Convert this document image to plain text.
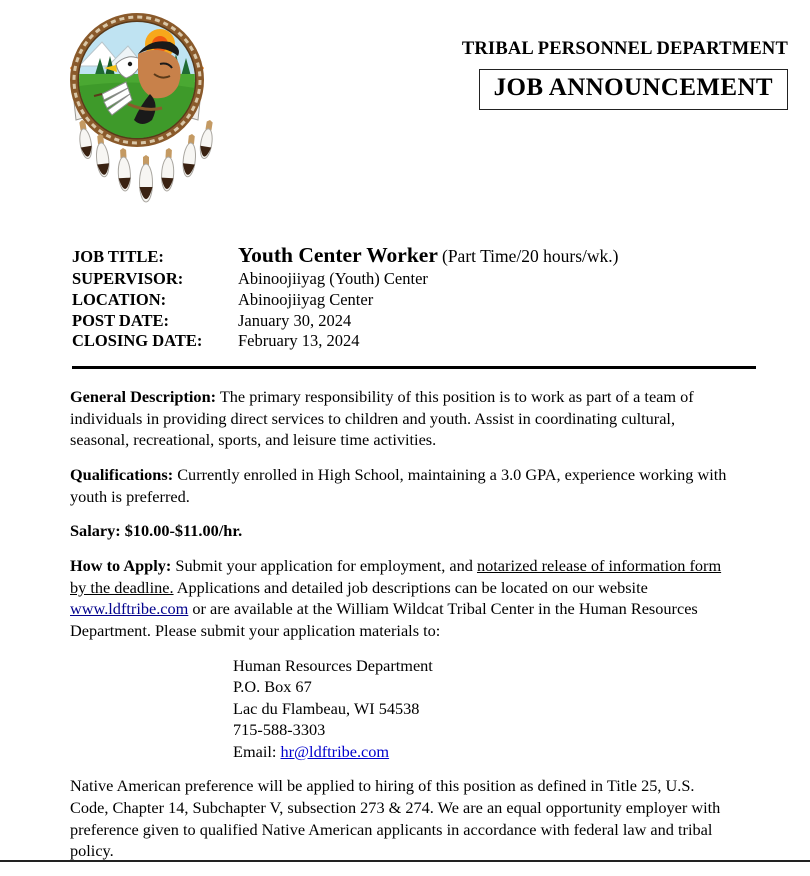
TRIBAL PERSONNEL DEPARTMENT
JOB ANNOUNCEMENT
JOB TITLE:	Youth Center Worker (Part Time/20 hours/wk.)
SUPERVISOR:	Abinoojiiyag (Youth) Center
LOCATION:	Abinoojiiyag Center
POST DATE:	January 30, 2024
CLOSING DATE:	February 13, 2024

General Description: The primary responsibility of this position is to work as part of a team of individuals in providing direct services to children and youth. Assist in coordinating cultural, seasonal, recreational, sports, and leisure time activities.

Qualifications: Currently enrolled in High School, maintaining a 3.0 GPA, experience working with youth is preferred.

Salary: $10.00-$11.00/hr.

How to Apply: Submit your application for employment, and notarized release of information form by the deadline. Applications and detailed job descriptions can be located on our website www.ldftribe.com or are available at the William Wildcat Tribal Center in the Human Resources Department. Please submit your application materials to:

Human Resources Department
P.O. Box 67
Lac du Flambeau, WI 54538
715-588-3303
Email: hr@ldftribe.com

Native American preference will be applied to hiring of this position as defined in Title 25, U.S. Code, Chapter 14, Subchapter V, subsection 273 & 274. We are an equal opportunity employer with preference given to qualified Native American applicants in accordance with federal law and tribal policy.
